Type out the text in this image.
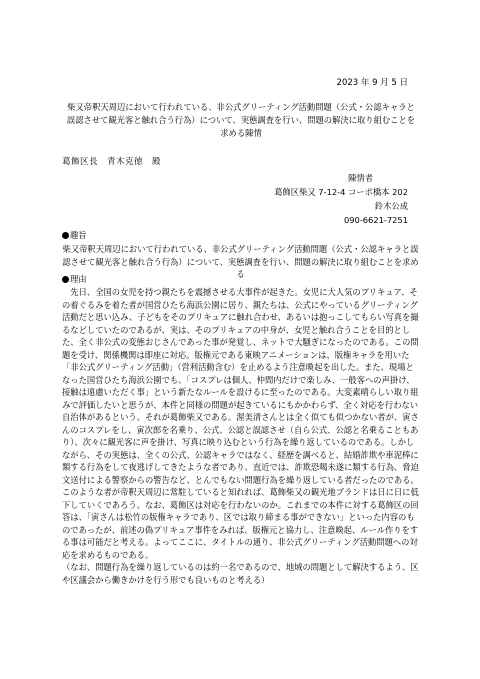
2023 年 9 月 5 日
柴又帝釈天周辺において行われている、非公式グリーティング活動問題（公式・公認キャラと誤認させて観光客と触れ合う行為）について、実態調査を行い、問題の解決に取り組むことを求める陳情
葛飾区長　青木克徳　殿
陳情者
葛飾区柴又 7-12-4 コーポ橋本 202
鈴木公成
090-6621-7251
趣旨
柴又帝釈天周辺において行われている、非公式グリーティング活動問題（公式・公認キャラと誤認させて観光客と触れ合う行為）について、実態調査を行い、問題の解決に取り組むことを求める
理由

先日、全国の女児を持つ親たちを震撼させる大事件が起きた。女児に大人気のプリキュア、その着ぐるみを着た者が国営ひたち海浜公園に居り、親たちは、公式にやっているグリーティング活動だと思い込み、子どもをそのプリキュアに触れ合わせ、あるいは抱っこしてもらい写真を撮るなどしていたのであるが、実は、そのプリキュアの中身が、女児と触れ合うことを目的とした、全く非公式の変態おじさんであった事が発覚し、ネットで大騒ぎになったのである。この問題を受け、関係機関は即座に対応。版権元である東映アニメーションは、版権キャラを用いた「非公式グリーティング活動」（営利活動含む）を止めるよう注意喚起を出した。また、現場となった国営ひたち海浜公園でも、「コスプレは個人、仲間内だけで楽しみ、一般客への声掛け、接触は遠慮いただく事」という新たなルールを設けるに至ったのである。大変素晴らしい取り組みで評価したいと思うが、本件と同様の問題が起きているにもかかわらず、全く対応を行わない自治体があるという。それが葛飾柴又である。渥美清さんとは全く似ても似つかない者が、寅さんのコスプレをし、寅次郎を名乗り、公式、公認と誤認させ（自ら公式、公認と名乗ることもあり）、次々に観光客に声を掛け、写真に映り込むという行為を繰り返しているのである。しかしながら、その実態は、全くの公式、公認キャラではなく、経歴を調べると、結婚詐欺や車泥棒に類する行為をして夜逃げしてきたような者であり、直近では、詐欺恐喝未遂に類する行為、脅迫文送付による警察からの警告など、とんでもない問題行為を繰り返している者だったのである。このような者が帝釈天周辺に常駐していると知れれば、葛飾柴又の観光地ブランドは日に日に低下していくであろう。なお、葛飾区は対応を行わないのか。これまでの本件に対する葛飾区の回答は、「寅さんは松竹の版権キャラであり、区では取り締まる事ができない」といった内容のものであったが、前述の偽プリキュア事件をみれば、版権元と協力し、注意喚起、ルール作りをする事は可能だと考える。よってここに、タイトルの通り、非公式グリーティング活動問題への対応を求めるものである。

（なお、問題行為を繰り返しているのは約一名であるので、地域の問題として解決するよう、区や区議会から働きかけを行う形でも良いものと考える）
